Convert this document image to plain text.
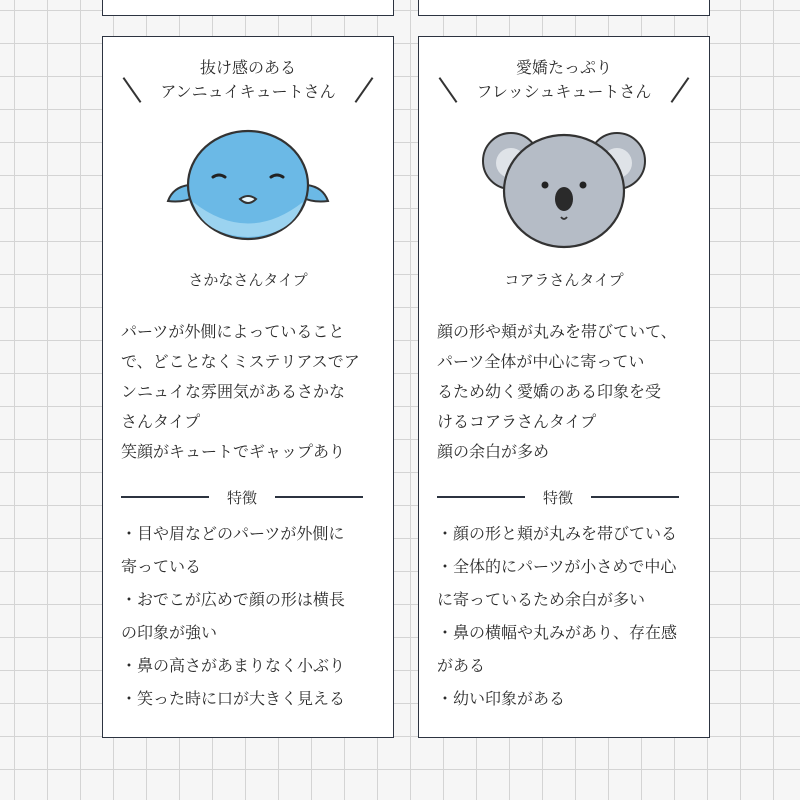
抜け感のある
アンニュイキュートさん
さかなさんタイプ
パーツが外側によっていること
で、どことなくミステリアスでア
ンニュイな雰囲気があるさかな
さんタイプ
笑顔がキュートでギャップあり
特徴
・目や眉などのパーツが外側に
寄っている
・おでこが広めで顔の形は横長
の印象が強い
・鼻の高さがあまりなく小ぶり
・笑った時に口が大きく見える
愛嬌たっぷり
フレッシュキュートさん
コアラさんタイプ
顔の形や頬が丸みを帯びていて、
パーツ全体が中心に寄ってい
るため幼く愛嬌のある印象を受
けるコアラさんタイプ
顔の余白が多め
特徴
・顔の形と頬が丸みを帯びている
・全体的にパーツが小さめで中心
に寄っているため余白が多い
・鼻の横幅や丸みがあり、存在感
がある
・幼い印象がある
